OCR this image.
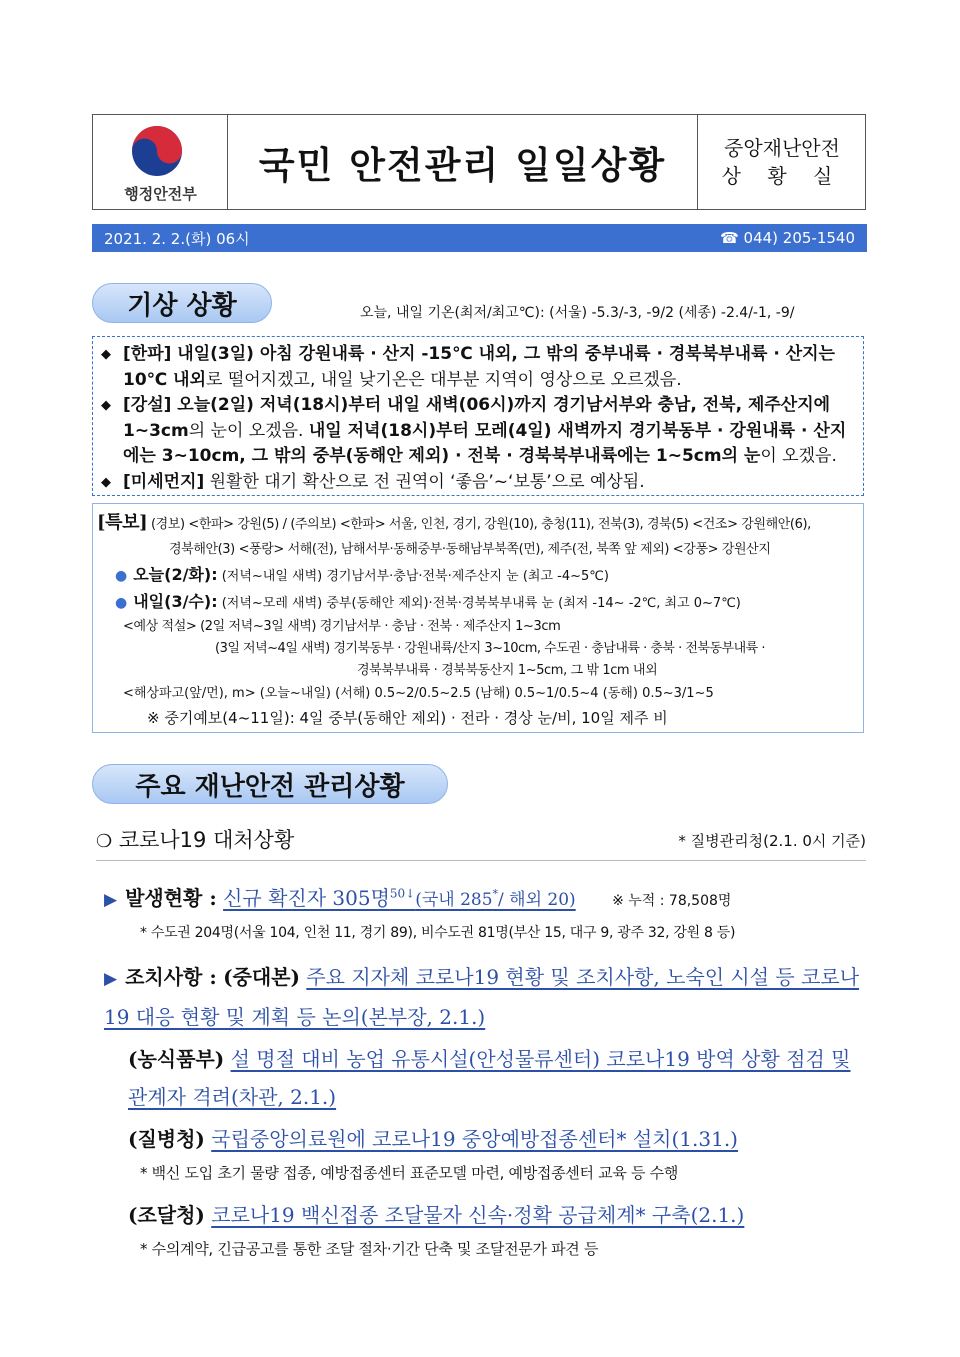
행정안전부
국민 안전관리 일일상황	중앙재난안전
상 황 실
2021. 2. 2.(화) 06시	☎ 044) 205-1540
기상 상황	오늘, 내일 기온(최저/최고℃): (서울) -5.3/-3, -9/2 (세종) -2.4/-1, -9/
◆ [한파] 내일(3일) 아침 강원내륙 · 산지 -15℃ 내외, 그 밖의 중부내륙 · 경북북부내륙 · 산지는 10℃ 내외로 떨어지겠고, 내일 낮기온은 대부분 지역이 영상으로 오르겠음.
◆ [강설] 오늘(2일) 저녁(18시)부터 내일 새벽(06시)까지 경기남서부와 충남, 전북, 제주산지에 1~3cm의 눈이 오겠음. 내일 저녁(18시)부터 모레(4일) 새벽까지 경기북동부 · 강원내륙 · 산지에는 3~10cm, 그 밖의 중부(동해안 제외) · 전북 · 경북북부내륙에는 1~5cm의 눈이 오겠음.
◆ [미세먼지] 원활한 대기 확산으로 전 권역이 ‘좋음’~‘보통’으로 예상됨.
[특보] (경보) <한파> 강원(5) / (주의보) <한파> 서울, 인천, 경기, 강원(10), 충청(11), 전북(3), 경북(5) <건조> 강원해안(6),
경북해안(3) <풍랑> 서해(전), 남해서부·동해중부·동해남부북쪽(먼), 제주(전, 북쪽 앞 제외) <강풍> 강원산지
● 오늘(2/화): (저녁~내일 새벽) 경기남서부·충남·전북·제주산지 눈 (최고 -4~5℃)
● 내일(3/수): (저녁~모레 새벽) 중부(동해안 제외)·전북·경북북부내륙 눈 (최저 -14~ -2℃, 최고 0~7℃)
<예상 적설> (2일 저녁~3일 새벽) 경기남서부 · 충남 · 전북 · 제주산지 1~3cm
(3일 저녁~4일 새벽) 경기북동부 · 강원내륙/산지 3~10cm, 수도권 · 충남내륙 · 충북 · 전북동부내륙 ·
경북북부내륙 · 경북북동산지 1~5cm, 그 밖 1cm 내외
<해상파고(앞/먼), m> (오늘~내일) (서해) 0.5~2/0.5~2.5 (남해) 0.5~1/0.5~4 (동해) 0.5~3/1~5
※ 중기예보(4~11일): 4일 중부(동해안 제외) · 전라 · 경상 눈/비, 10일 제주 비
주요 재난안전 관리상황
❍ 코로나19 대처상황	* 질병관리청(2.1. 0시 기준)
▶ 발생현황 : 신규 확진자 305명$^{50↓}$(국내 285*/ 해외 20)	※ 누적 : 78,508명
* 수도권 204명(서울 104, 인천 11, 경기 89), 비수도권 81명(부산 15, 대구 9, 광주 32, 강원 8 등)
▶ 조치사항 : (중대본) 주요 지자체 코로나19 현황 및 조치사항, 노숙인 시설 등 코로나19 대응 현황 및 계획 등 논의(본부장, 2.1.)
(농식품부) 설 명절 대비 농업 유통시설(안성물류센터) 코로나19 방역 상황 점검 및 관계자 격려(차관, 2.1.)
(질병청) 국립중앙의료원에 코로나19 중앙예방접종센터* 설치(1.31.)
* 백신 도입 초기 물량 접종, 예방접종센터 표준모델 마련, 예방접종센터 교육 등 수행
(조달청) 코로나19 백신접종 조달물자 신속·정확 공급체계* 구축(2.1.)
* 수의계약, 긴급공고를 통한 조달 절차·기간 단축 및 조달전문가 파견 등
